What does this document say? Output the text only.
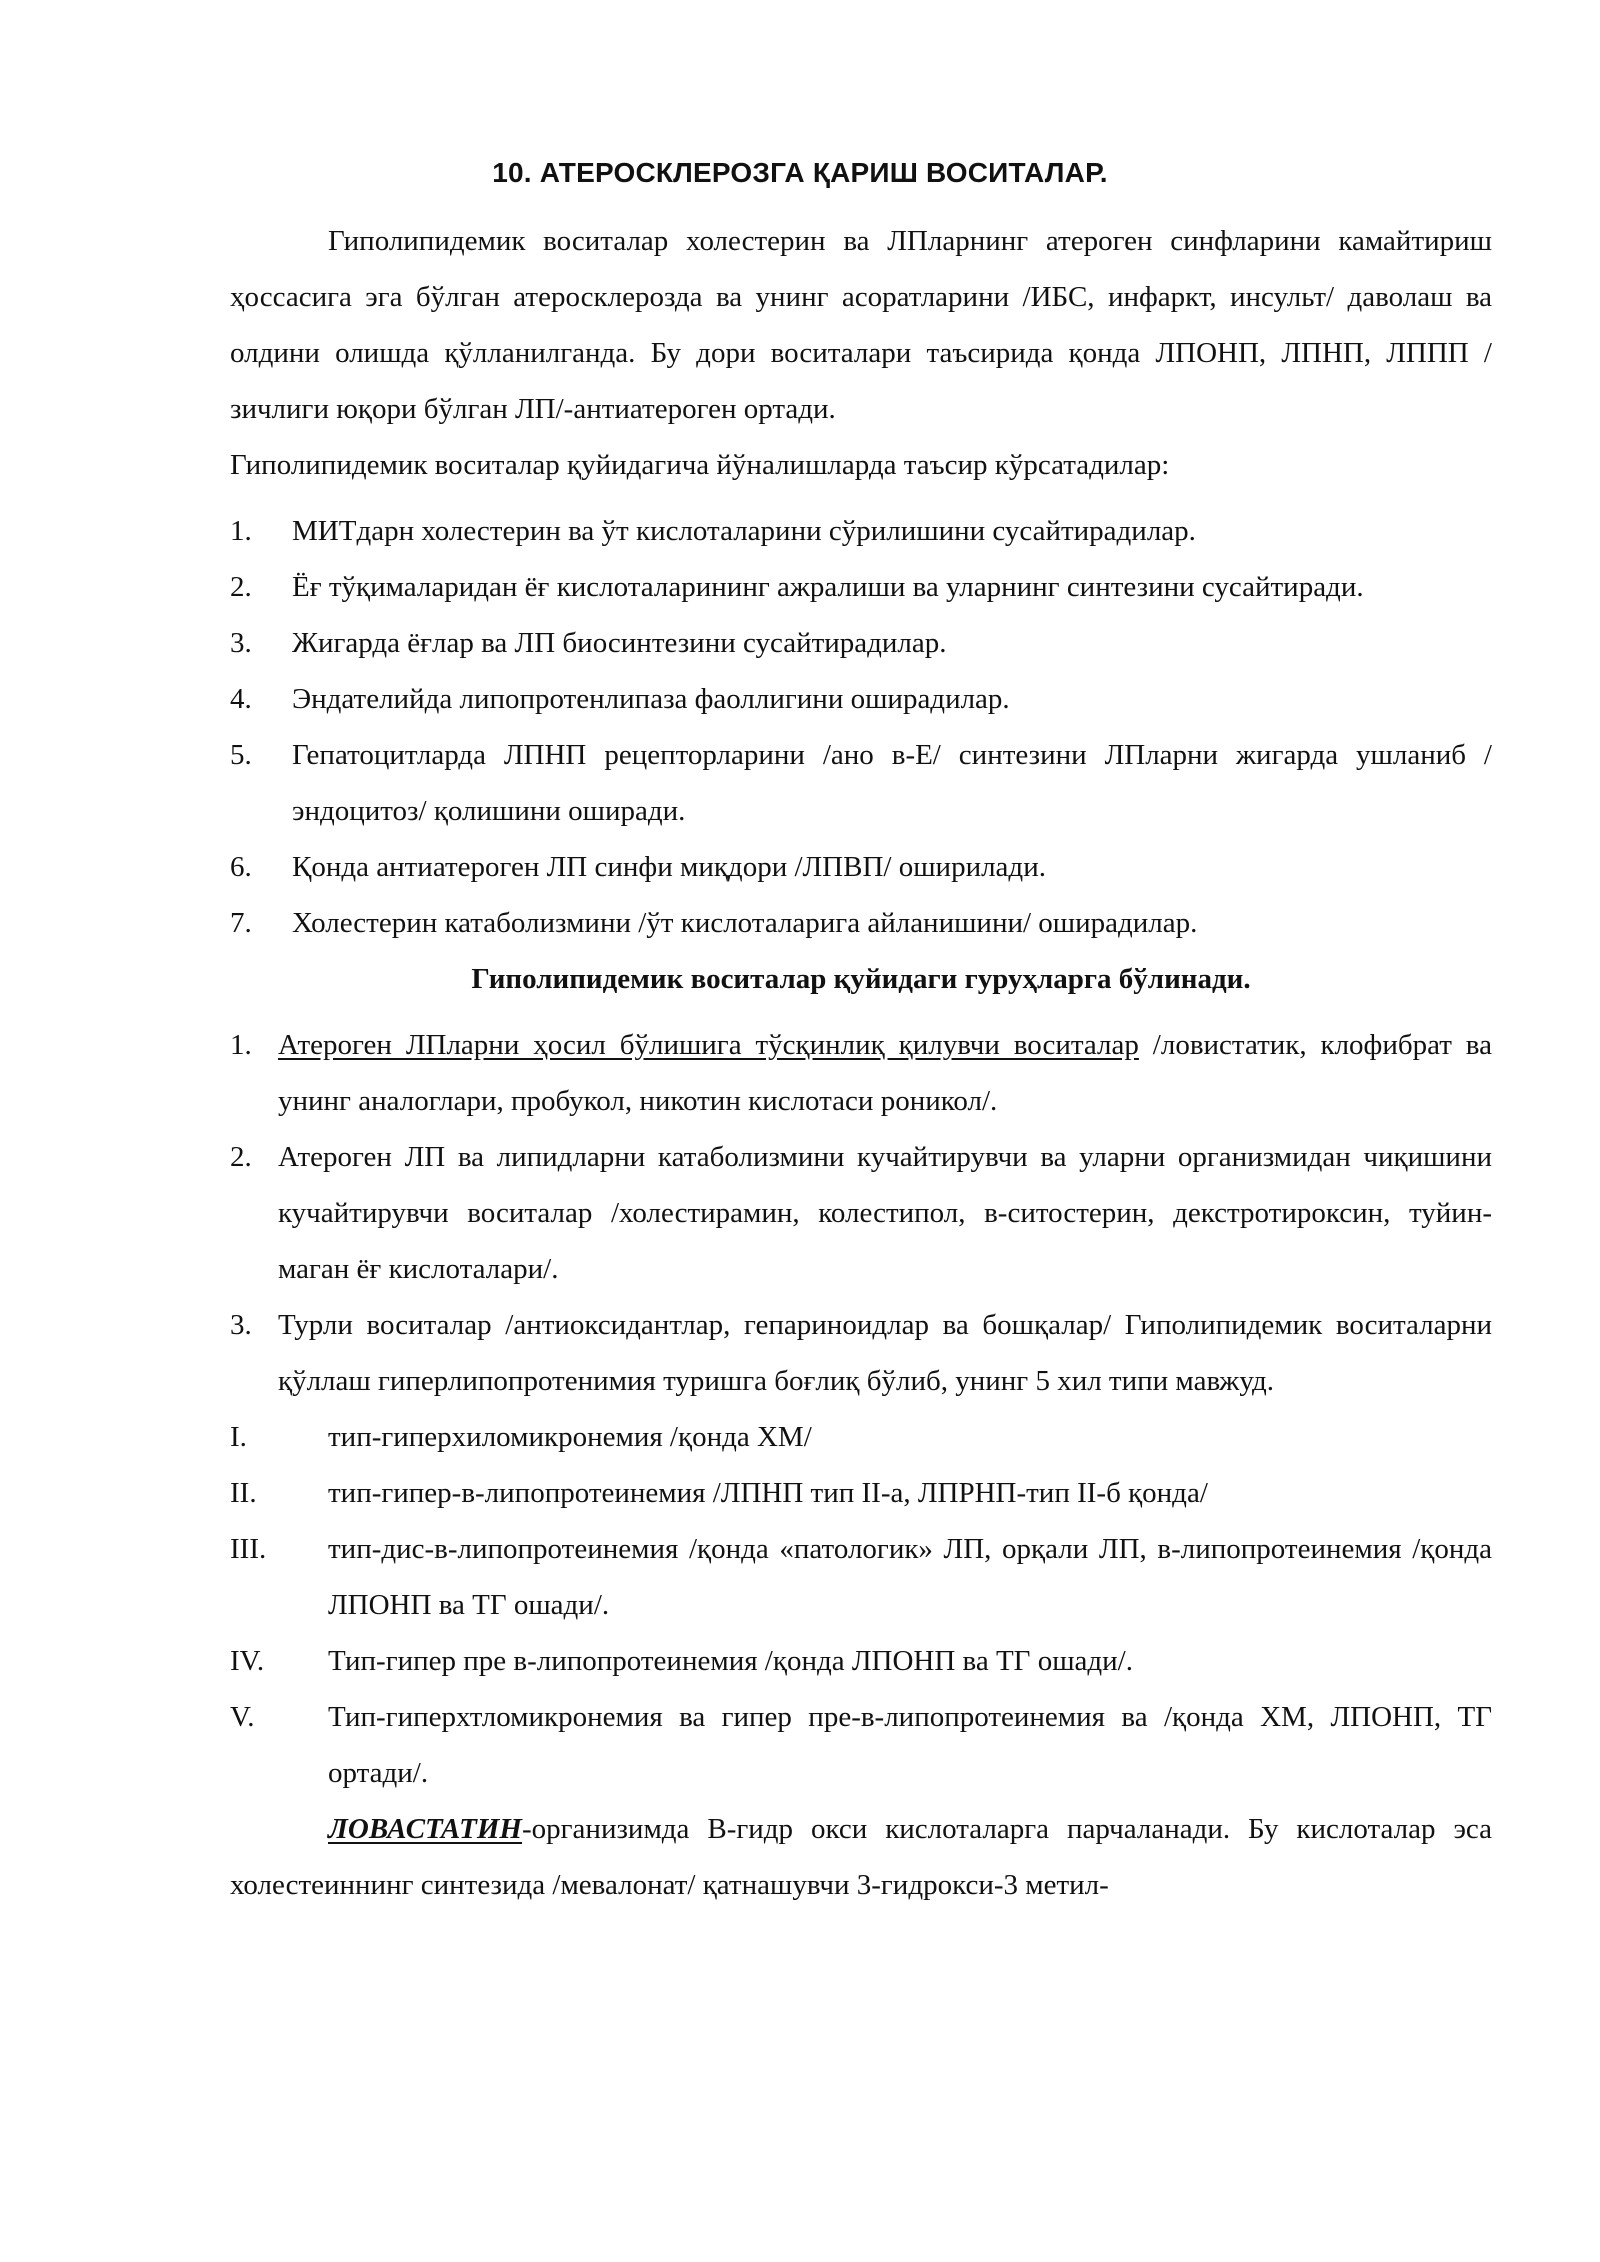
10. АТЕРОСКЛЕРОЗГА ҚАРИШ ВОСИТАЛАР.

Гиполипидемик воситалар холестерин ва ЛПларнинг атероген синфларини камайтириш ҳоссасига эга бўлган атеросклерозда ва унинг асоратларини /ИБС, инфаркт, инсульт/ даволаш ва олдини олишда қўлланилганда. Бу дори воситалари таъсирида қонда ЛПОНП, ЛПНП, ЛППП /зичлиги юқори бўлган ЛП/-антиатероген ортади.

Гиполипидемик воситалар қуйидагича йўналишларда таъсир кўрсатадилар:

1. МИТдарн холестерин ва ўт кислоталарини сўрилишини сусайтирадилар.
2. Ёғ тўқималаридан ёғ кислоталарининг ажралиши ва уларнинг синтезини сусайтиради.
3. Жигарда ёғлар ва ЛП биосинтезини сусайтирадилар.
4. Эндателийда липопротенлипаза фаоллигини оширадилар.
5. Гепатоцитларда ЛПНП рецепторларини /ано в-Е/ синтезини ЛПларни жигарда ушланиб /эндоцитоз/ қолишини оширади.
6. Қонда антиатероген ЛП синфи миқдори /ЛПВП/ оширилади.
7. Холестерин катаболизмини /ўт кислоталарига айланишини/ оширадилар.

Гиполипидемик воситалар қуйидаги гуруҳларга бўлинади.

1. Атероген ЛПларни ҳосил бўлишига тўсқинлиқ қилувчи воситалар /ловистатик, клофибрат ва унинг аналоглари, пробукол, никотин кислотаси роникол/.
2. Атероген ЛП ва липидларни катаболизмини кучайтирувчи ва уларни организмидан чиқишини кучайтирувчи воситалар /холестирамин, колестипол, в-ситостерин, декстротироксин, туйин-маган ёғ кислоталари/.
3. Турли воситалар /антиоксидантлар, гепариноидлар ва бошқалар/ Гиполипидемик воситаларни қўллаш гиперлипопротенимия туришга боғлиқ бўлиб, унинг 5 хил типи мавжуд.
I.	тип-гиперхиломикронемия /қонда ХМ/
II. тип-гипер-в-липопротеинемия /ЛПНП тип II-а, ЛПРНП-тип II-б қонда/
III. тип-дис-в-липопротеинемия /қонда «патологик» ЛП, орқали ЛП, в-липопротеинемия /қонда ЛПОНП ва ТГ ошади/.
IV. Тип-гипер пре в-липопротеинемия /қонда ЛПОНП ва ТГ ошади/.
V.	Тип-гиперхтломикронемия ва гипер пре-в-липопротеинемия ва /қонда ХМ, ЛПОНП, ТГ ортади/.

ЛОВАСТАТИН-организимда В-гидр окси кислоталарга парчаланади. Бу кислоталар эса холестеиннинг синтезида /мевалонат/ қатнашувчи 3-гидрокси-3 метил-
